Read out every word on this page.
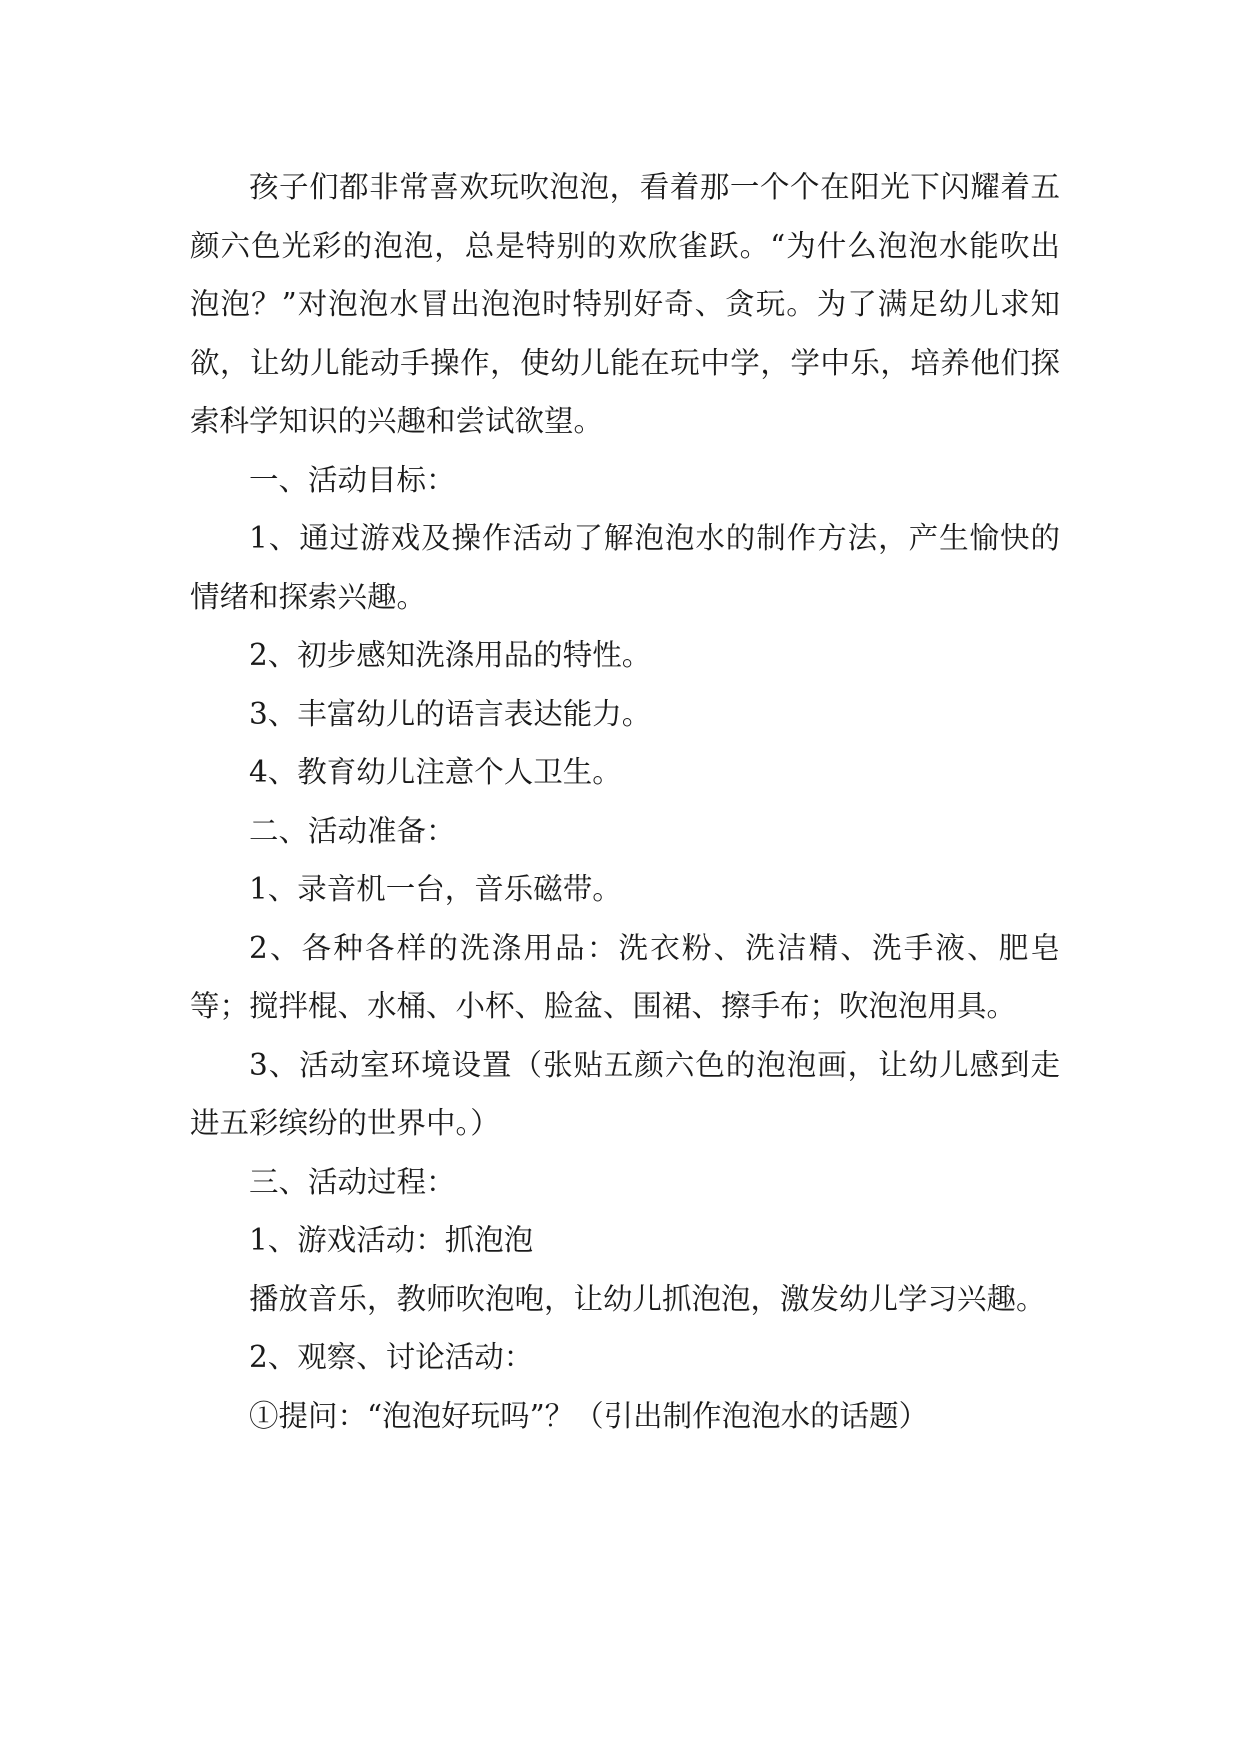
孩子们都非常喜欢玩吹泡泡，看着那一个个在阳光下闪耀着五颜六色光彩的泡泡，总是特别的欢欣雀跃。“为什么泡泡水能吹出泡泡？”对泡泡水冒出泡泡时特别好奇、贪玩。为了满足幼儿求知欲，让幼儿能动手操作，使幼儿能在玩中学，学中乐，培养他们探索科学知识的兴趣和尝试欲望。

一、活动目标：

1、通过游戏及操作活动了解泡泡水的制作方法，产生愉快的情绪和探索兴趣。

2、初步感知洗涤用品的特性。

3、丰富幼儿的语言表达能力。

4、教育幼儿注意个人卫生。

二、活动准备：

1、录音机一台，音乐磁带。

2、各种各样的洗涤用品：洗衣粉、洗洁精、洗手液、肥皂等；搅拌棍、水桶、小杯、脸盆、围裙、擦手布；吹泡泡用具。

3、活动室环境设置（张贴五颜六色的泡泡画，让幼儿感到走进五彩缤纷的世界中。）

三、活动过程：

1、游戏活动：抓泡泡

播放音乐，教师吹泡咆，让幼儿抓泡泡，激发幼儿学习兴趣。

2、观察、讨论活动：

①提问：“泡泡好玩吗”？（引出制作泡泡水的话题）
